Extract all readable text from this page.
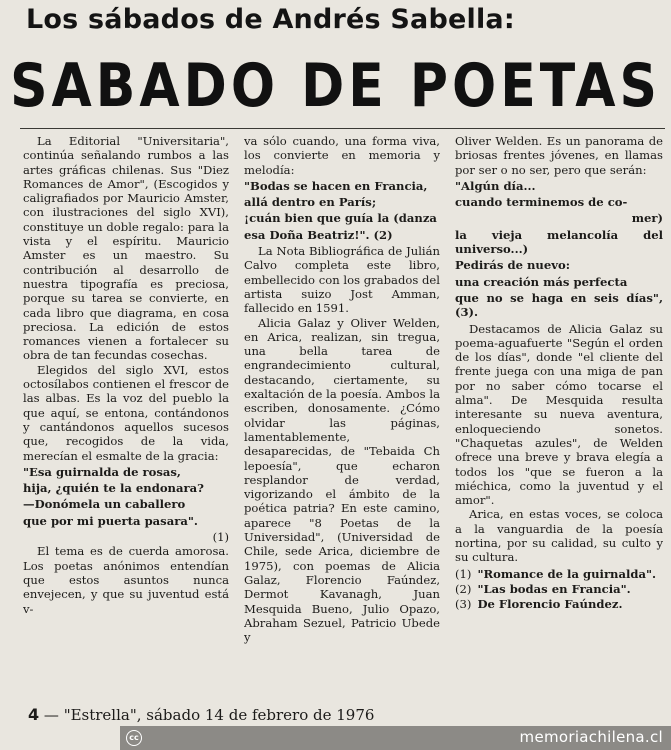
Los sábados de Andrés Sabella:
SABADO DE POETAS

La Editorial "Universitaria", continúa señalando rumbos a las artes gráficas chilenas. Sus "Diez Romances de Amor", (Escogidos y caligrafiados por Mauricio Amster, con ilustraciones del siglo XVI), constituye un doble regalo: para la vista y el espíritu. Mauricio Amster es un maestro. Su contribución al desarrollo de nuestra tipografía es preciosa, porque su tarea se convierte, en cada libro que diagrama, en cosa preciosa. La edición de estos romances vienen a fortalecer su obra de tan fecundas cosechas.

Elegidos del siglo XVI, estos octosílabos contienen el frescor de las albas. Es la voz del pueblo la que aquí, se entona, contándonos y cantándonos aquellos sucesos que, recogidos de la vida, merecían el esmalte de la gracia:

"Esa guirnalda de rosas,

hija, ¿quién te la endonara?

—Donómela un caballero

que por mi puerta pasara".

(1)

El tema es de cuerda amorosa. Los poetas anónimos entendían que estos asuntos nunca envejecen, y que su juventud está v-

va sólo cuando, una forma viva, los convierte en memoria y melodía:

"Bodas se hacen en Francia,

allá dentro en París;

¡cuán bien que guía la (danza

esa Doña Beatriz!". (2)

La Nota Bibliográfica de Julián Calvo completa este libro, embellecido con los grabados del artista suizo Jost Amman, fallecido en 1591.

Alicia Galaz y Oliver Welden, en Arica, realizan, sin tregua, una bella tarea de engrandecimiento cultural, destacando, ciertamente, su exaltación de la poesía. Ambos la escriben, donosamente. ¿Cómo olvidar las páginas, lamentablemente, desaparecidas, de "Tebaida Ch lepoesía", que echaron resplandor de verdad, vigorizando el ámbito de la poética patria? En este camino, aparece "8 Poetas de la Universidad", (Universidad de Chile, sede Arica, diciembre de 1975), con poemas de Alicia Galaz, Florencio Faúndez, Dermot Kavanagh, Juan Mesquida Bueno, Julio Opazo, Abraham Sezuel, Patricio Ubede y

Oliver Welden. Es un panorama de briosas frentes jóvenes, en llamas por ser o no ser, pero que serán:

"Algún día...

cuando terminemos de co-

mer)

la vieja melancolía del universo...)

Pedirás de nuevo:

una creación más perfecta

que no se haga en seis días", (3).

Destacamos de Alicia Galaz su poema-aguafuerte "Según el orden de los días", donde "el cliente del frente juega con una miga de pan por no saber cómo tocarse el alma". De Mesquida resulta interesante su nueva aventura, enloqueciendo sonetos. "Chaquetas azules", de Welden ofrece una breve y brava elegía a todos los "que se fueron a la miéchica, como la juventud y el amor".

Arica, en estas voces, se coloca a la vanguardia de la poesía nortina, por su calidad, su culto y su cultura.

(1) "Romance de la guirnalda".
(2) "Las bodas en Francia".
(3) De Florencio Faúndez.
4 — "Estrella", sábado 14 de febrero de 1976
cc	memoriachilena.cl
